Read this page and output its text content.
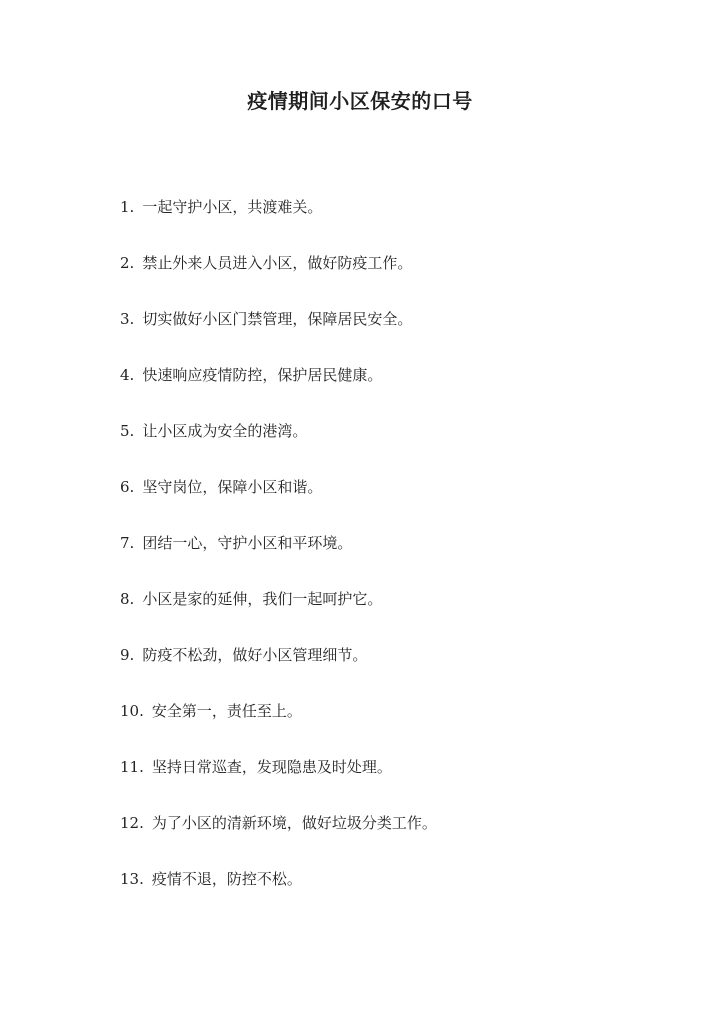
疫情期间小区保安的口号
1. 一起守护小区，共渡难关。
2. 禁止外来人员进入小区，做好防疫工作。
3. 切实做好小区门禁管理，保障居民安全。
4. 快速响应疫情防控，保护居民健康。
5. 让小区成为安全的港湾。
6. 坚守岗位，保障小区和谐。
7. 团结一心，守护小区和平环境。
8. 小区是家的延伸，我们一起呵护它。
9. 防疫不松劲，做好小区管理细节。
10. 安全第一，责任至上。
11. 坚持日常巡查，发现隐患及时处理。
12. 为了小区的清新环境，做好垃圾分类工作。
13. 疫情不退，防控不松。
